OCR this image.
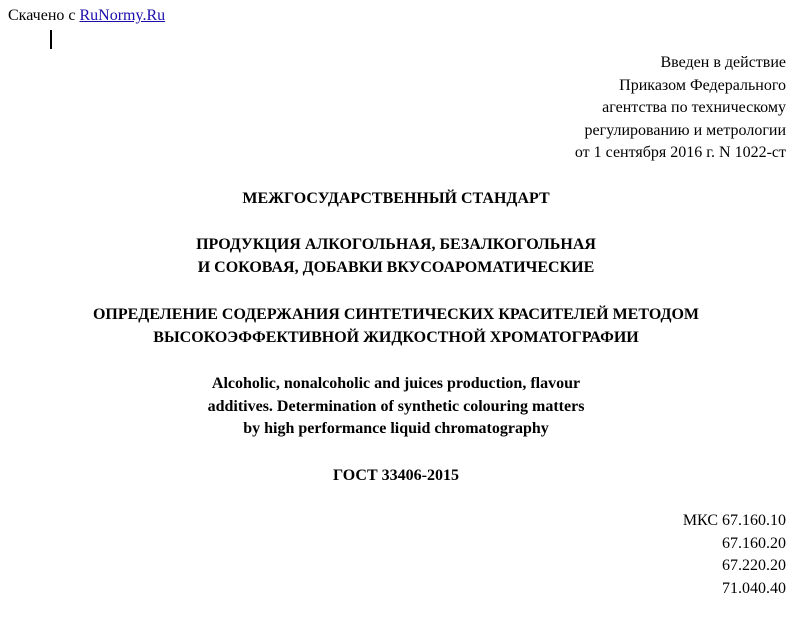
Скачено с RuNormy.Ru
Введен в действие
Приказом Федерального
агентства по техническому
регулированию и метрологии
от 1 сентября 2016 г. N 1022-ст
МЕЖГОСУДАРСТВЕННЫЙ СТАНДАРТ
ПРОДУКЦИЯ АЛКОГОЛЬНАЯ, БЕЗАЛКОГОЛЬНАЯ
И СОКОВАЯ, ДОБАВКИ ВКУСОАРОМАТИЧЕСКИЕ
ОПРЕДЕЛЕНИЕ СОДЕРЖАНИЯ СИНТЕТИЧЕСКИХ КРАСИТЕЛЕЙ МЕТОДОМ
ВЫСОКОЭФФЕКТИВНОЙ ЖИДКОСТНОЙ ХРОМАТОГРАФИИ
Alcoholic, nonalcoholic and juices production, flavour
additives. Determination of synthetic colouring matters
by high performance liquid chromatography
ГОСТ 33406-2015
МКС 67.160.10
67.160.20
67.220.20
71.040.40
